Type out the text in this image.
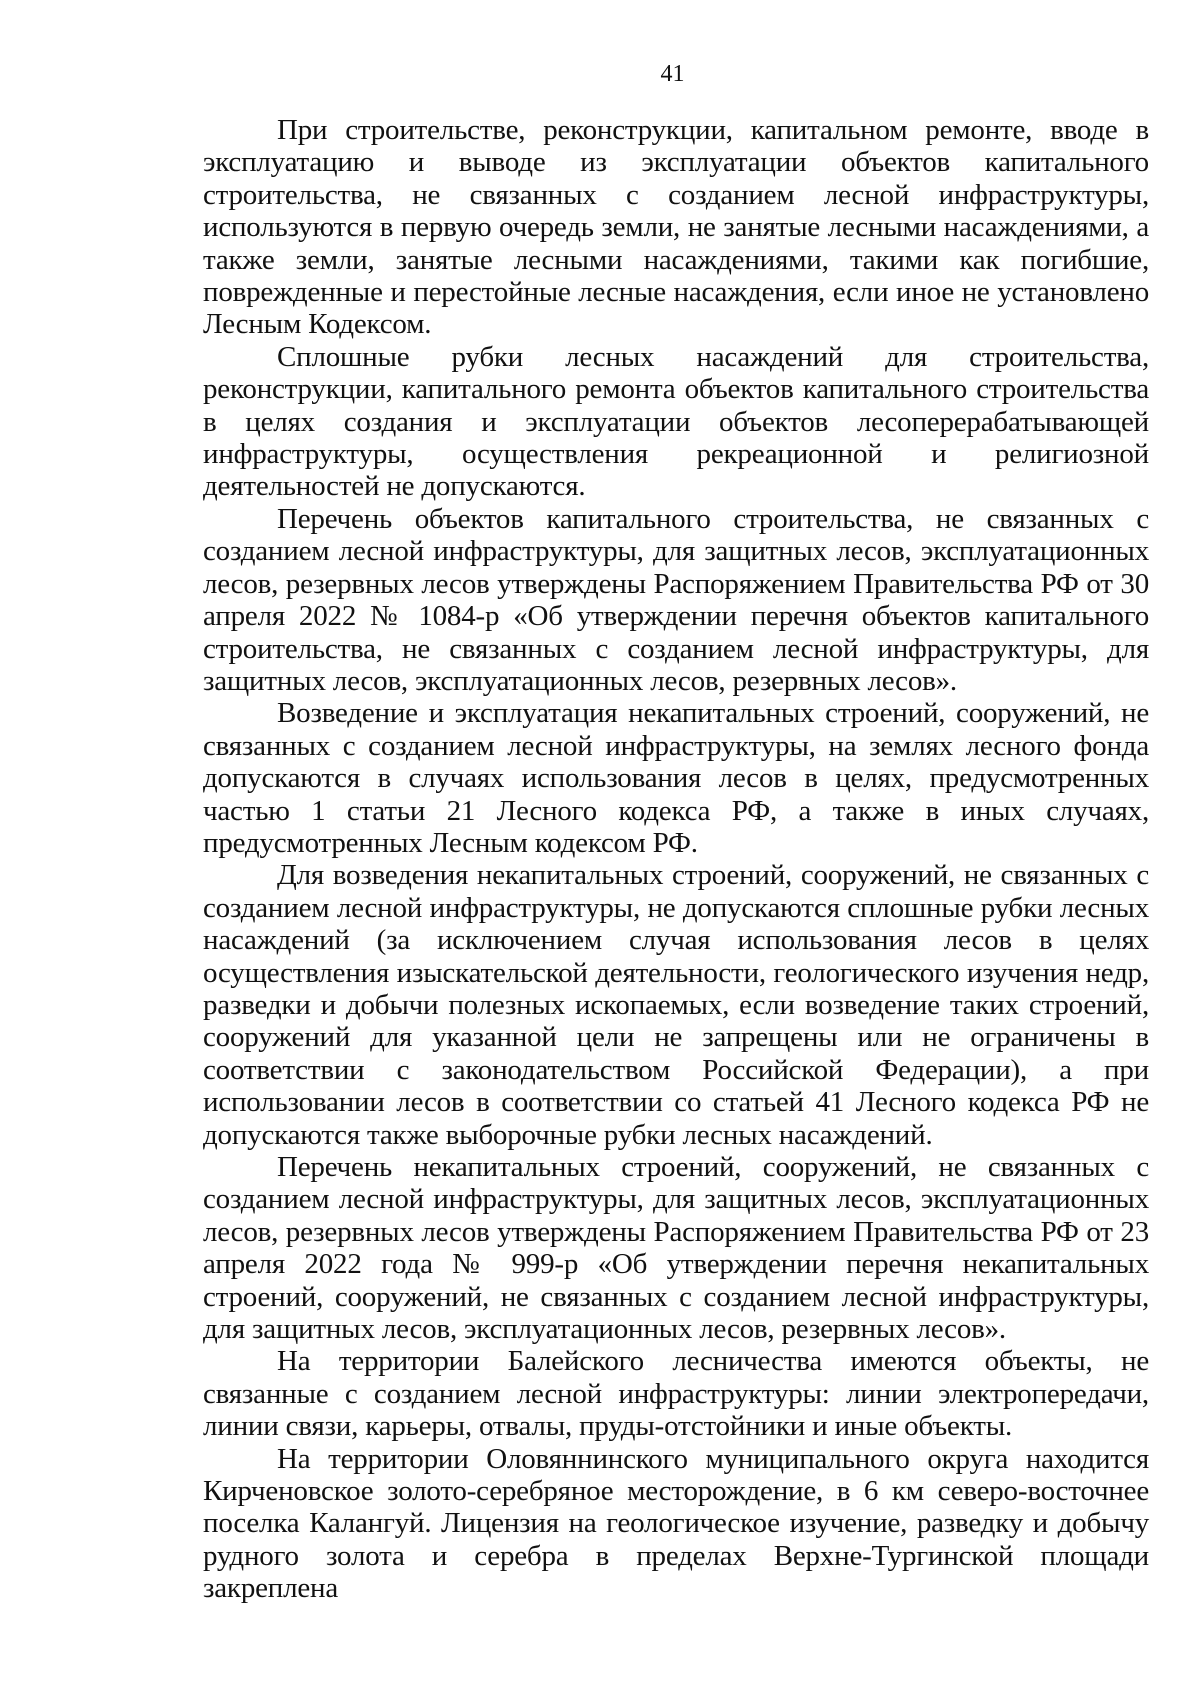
41

При строительстве, реконструкции, капитальном ремонте, вводе в эксплуатацию и выводе из эксплуатации объектов капитального строительства, не связанных с созданием лесной инфраструктуры, используются в первую очередь земли, не занятые лесными насаждениями, а также земли, занятые лесными насаждениями, такими как погибшие, поврежденные и перестойные лесные насаждения, если иное не установлено Лесным Кодексом.

Сплошные рубки лесных насаждений для строительства, реконструкции, капитального ремонта объектов капитального строительства в целях создания и эксплуатации объектов лесоперерабатывающей инфраструктуры, осуществления рекреационной и религиозной деятельностей не допускаются.

Перечень объектов капитального строительства, не связанных с созданием лесной инфраструктуры, для защитных лесов, эксплуатационных лесов, резервных лесов утверждены Распоряжением Правительства РФ от 30 апреля 2022 № 1084-р «Об утверждении перечня объектов капитального строительства, не связанных с созданием лесной инфраструктуры, для защитных лесов, эксплуатационных лесов, резервных лесов».

Возведение и эксплуатация некапитальных строений, сооружений, не связанных с созданием лесной инфраструктуры, на землях лесного фонда допускаются в случаях использования лесов в целях, предусмотренных частью 1 статьи 21 Лесного кодекса РФ, а также в иных случаях, предусмотренных Лесным кодексом РФ.

Для возведения некапитальных строений, сооружений, не связанных с созданием лесной инфраструктуры, не допускаются сплошные рубки лесных насаждений (за исключением случая использования лесов в целях осуществления изыскательской деятельности, геологического изучения недр, разведки и добычи полезных ископаемых, если возведение таких строений, сооружений для указанной цели не запрещены или не ограничены в соответствии с законодательством Российской Федерации), а при использовании лесов в соответствии со статьей 41 Лесного кодекса РФ не допускаются также выборочные рубки лесных насаждений.

Перечень некапитальных строений, сооружений, не связанных с созданием лесной инфраструктуры, для защитных лесов, эксплуатационных лесов, резервных лесов утверждены Распоряжением Правительства РФ от 23 апреля 2022 года № 999-р «Об утверждении перечня некапитальных строений, сооружений, не связанных с созданием лесной инфраструктуры, для защитных лесов, эксплуатационных лесов, резервных лесов».

На территории Балейского лесничества имеются объекты, не связанные с созданием лесной инфраструктуры: линии электропередачи, линии связи, карьеры, отвалы, пруды-отстойники и иные объекты.

На территории Оловяннинского муниципального округа находится Кирченовское золото-серебряное месторождение, в 6 км северо-восточнее поселка Калангуй. Лицензия на геологическое изучение, разведку и добычу рудного золота и серебра в пределах Верхне-Тургинской площади закреплена
